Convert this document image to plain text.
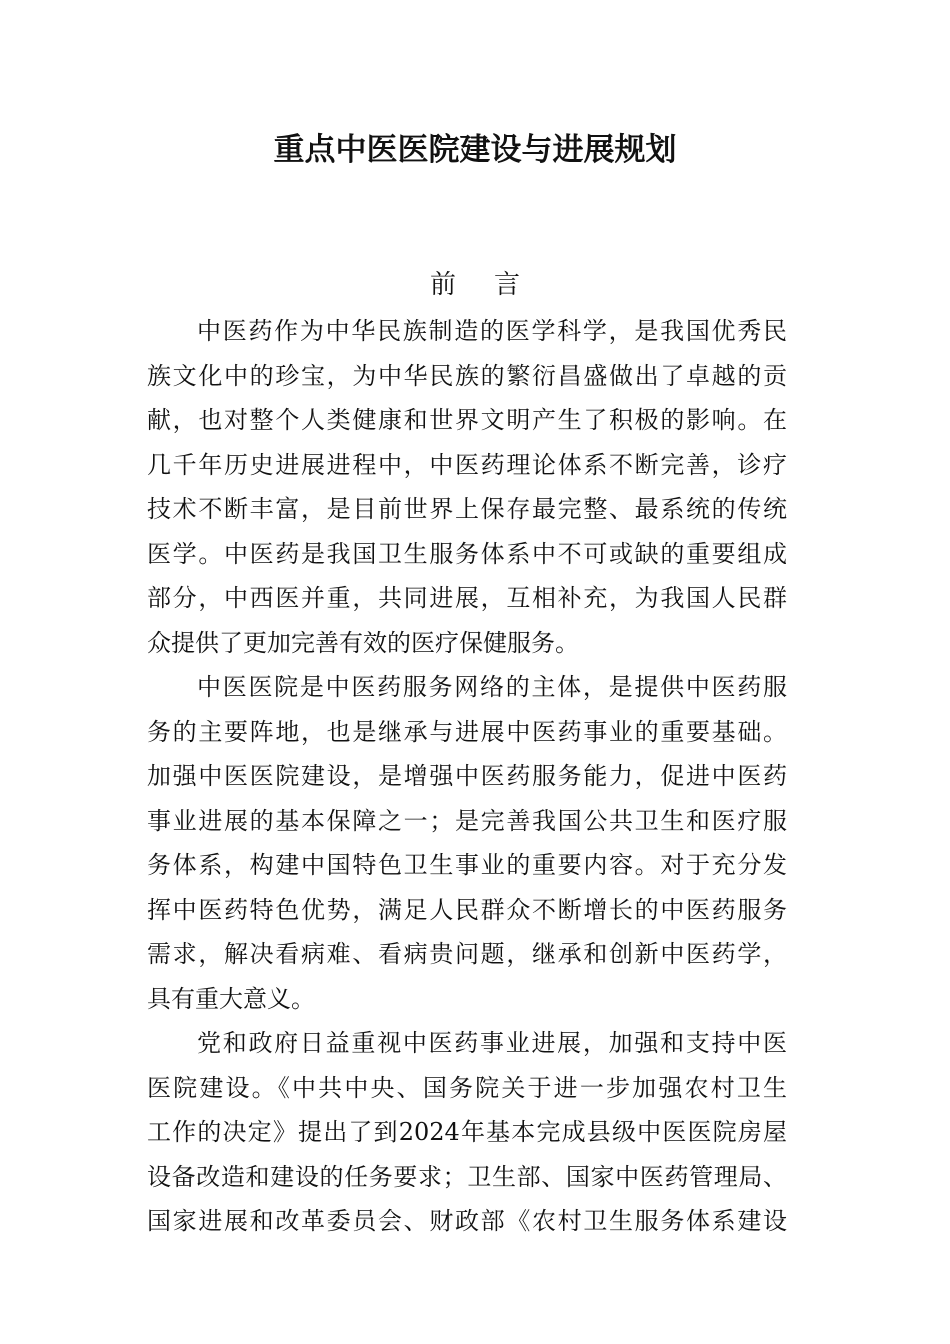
重点中医医院建设与进展规划
前言
中医药作为中华民族制造的医学科学，是我国优秀民
族文化中的珍宝，为中华民族的繁衍昌盛做出了卓越的贡
献，也对整个人类健康和世界文明产生了积极的影响。在
几千年历史进展进程中，中医药理论体系不断完善，诊疗
技术不断丰富，是目前世界上保存最完整、最系统的传统
医学。中医药是我国卫生服务体系中不可或缺的重要组成
部分，中西医并重，共同进展，互相补充，为我国人民群
众提供了更加完善有效的医疗保健服务。
中医医院是中医药服务网络的主体，是提供中医药服
务的主要阵地，也是继承与进展中医药事业的重要基础。
加强中医医院建设，是增强中医药服务能力，促进中医药
事业进展的基本保障之一；是完善我国公共卫生和医疗服
务体系，构建中国特色卫生事业的重要内容。对于充分发
挥中医药特色优势，满足人民群众不断增长的中医药服务
需求，解决看病难、看病贵问题，继承和创新中医药学，
具有重大意义。
党和政府日益重视中医药事业进展，加强和支持中医
医院建设。《中共中央、国务院关于进一步加强农村卫生
工作的决定》提出了到2024年基本完成县级中医医院房屋
设备改造和建设的任务要求；卫生部、国家中医药管理局、
国家进展和改革委员会、财政部《农村卫生服务体系建设
